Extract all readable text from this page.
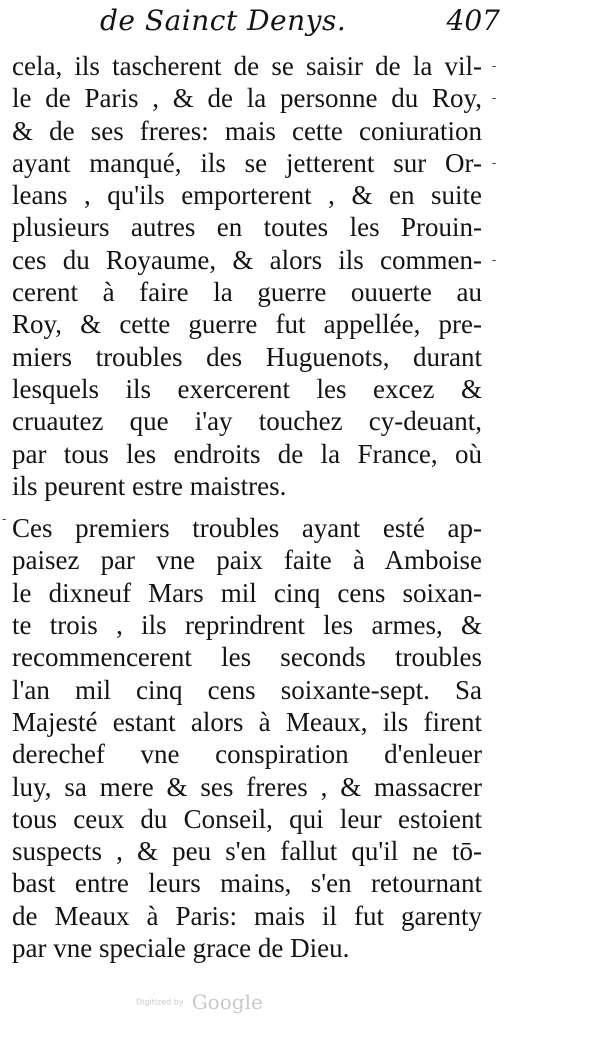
de Sainct Denys.	407
cela, ils tascherent de se saisir de la vil-
le de Paris , & de la personne du Roy,
& de ses freres: mais cette coniuration
ayant manqué, ils se jetterent sur Or-
leans , qu'ils emporterent , & en suite
plusieurs autres en toutes les Prouin-
ces du Royaume, & alors ils commen-
cerent à faire la guerre ouuerte au
Roy, & cette guerre fut appellée, pre-
miers troubles des Huguenots, durant
lesquels ils exercerent les excez &
cruautez que i'ay touchez cy-deuant,
par tous les endroits de la France, où
ils peurent estre maistres.
Ces premiers troubles ayant esté ap-
paisez par vne paix faite à Amboise
le dixneuf Mars mil cinq cens soixan-
te trois , ils reprindrent les armes, &
recommencerent les seconds troubles
l'an mil cinq cens soixante-sept. Sa
Majesté estant alors à Meaux, ils firent
derechef vne conspiration d'enleuer
luy, sa mere & ses freres , & massacrer
tous ceux du Conseil, qui leur estoient
suspects , & peu s'en fallut qu'il ne tō-
bast entre leurs mains, s'en retournant
de Meaux à Paris: mais il fut garenty
par vne speciale grace de Dieu.
-
-
-
-
-
Digitized by Google
